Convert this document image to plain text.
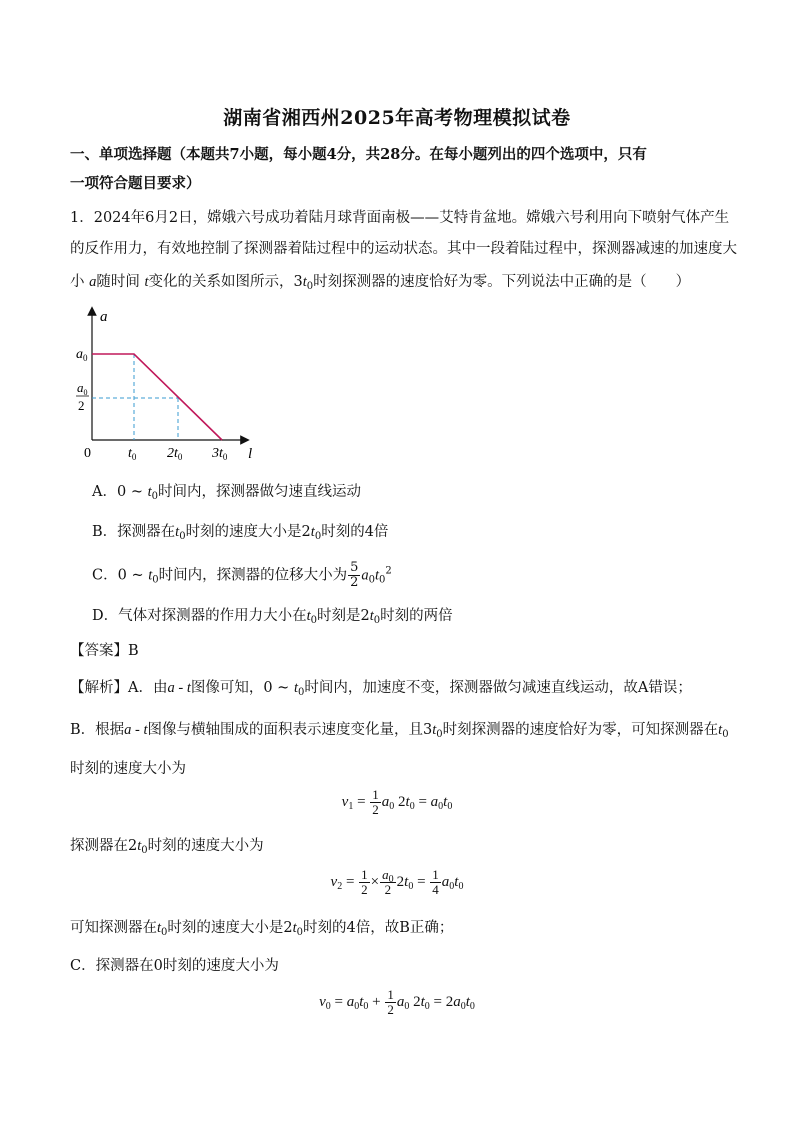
湖南省湘西州2025年高考物理模拟试卷
一、单项选择题（本题共7小题，每小题4分，共28分。在每小题列出的四个选项中，只有
一项符合题目要求）
1．2024年6月2日，嫦娥六号成功着陆月球背面南极——艾特肯盆地。嫦娥六号利用向下喷射气体产生
的反作用力，有效地控制了探测器着陆过程中的运动状态。其中一段着陆过程中，探测器减速的加速度大
小 a随时间 t变化的关系如图所示，$3t_0$时刻探测器的速度恰好为零。下列说法中正确的是（　　）
a
$a_0$
$a_0$
2
0	$t_0$ $2t_0$ $3t_0$ l
A．0 ~ $t_0$时间内，探测器做匀速直线运动
B．探测器在$t_0$时刻的速度大小是$2t_0$时刻的4倍
C．0 ~ $t_0$时间内，探测器的位移大小为 $\frac{5}{2} a_0t_0^2$
D．气体对探测器的作用力大小在$t_0$时刻是$2t_0$时刻的两倍
【答案】B
【解析】A．由a - t图像可知，0 ~ $t_0$时间内，加速度不变，探测器做匀减速直线运动，故A错误；
B．根据a - t图像与横轴围成的面积表示速度变化量，且$3t_0$时刻探测器的速度恰好为零，可知探测器在$t_0$
时刻的速度大小为
$v_1 = \frac{1}{2} a_0$ $2t_0 = a_0t_0$
探测器在$2t_0$时刻的速度大小为
$v_2 = \frac{1}{2} \times \frac{a_0}{2} 2t_0 = \frac{1}{4} a_0t_0$
可知探测器在$t_0$时刻的速度大小是$2t_0$时刻的4倍，故B正确；
C．探测器在0时刻的速度大小为
$v_0 = a_0t_0 + \frac{1}{2} a_0$ $2t_0 = 2a_0t_0$
